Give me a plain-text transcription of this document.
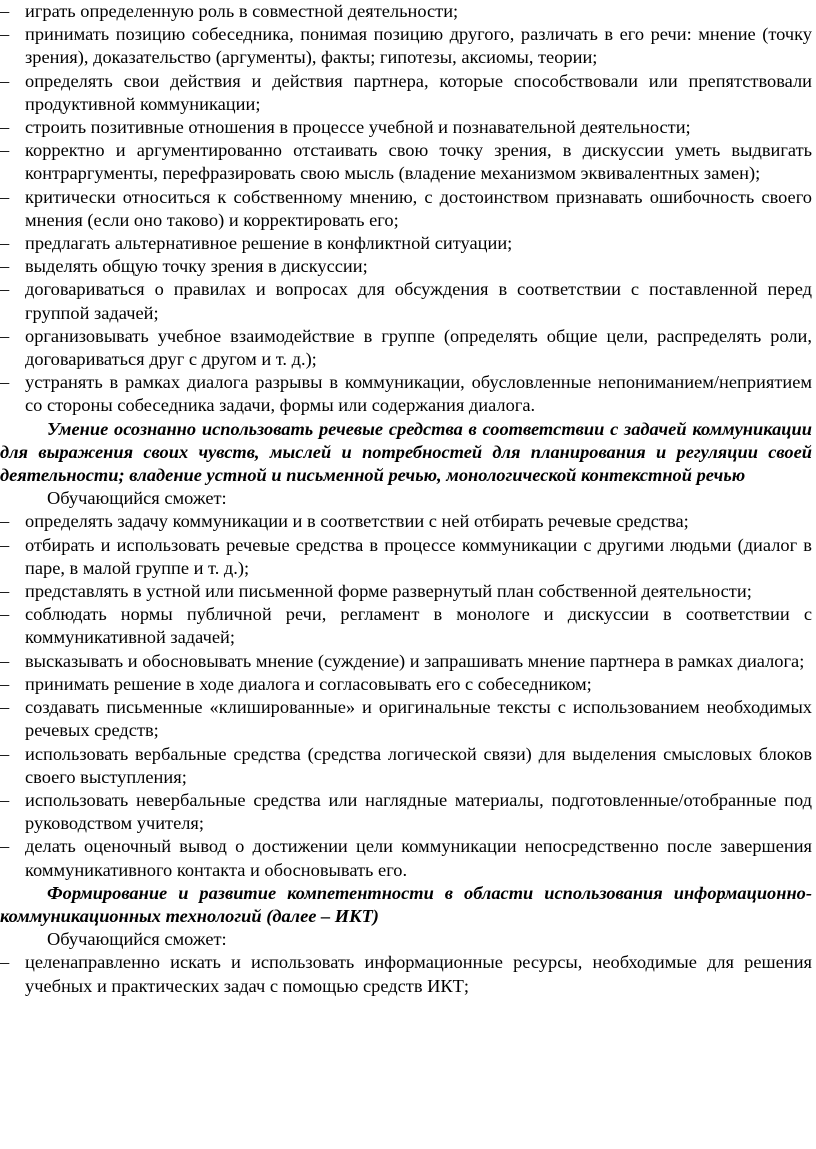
– играть определенную роль в совместной деятельности;
– принимать позицию собеседника, понимая позицию другого, различать в его речи: мнение (точку зрения), доказательство (аргументы), факты; гипотезы, аксиомы, теории;
– определять свои действия и действия партнера, которые способствовали или препятствовали продуктивной коммуникации;
– строить позитивные отношения в процессе учебной и познавательной деятельности;
– корректно и аргументированно отстаивать свою точку зрения, в дискуссии уметь выдвигать контраргументы, перефразировать свою мысль (владение механизмом эквивалентных замен);
– критически относиться к собственному мнению, с достоинством признавать ошибочность своего мнения (если оно таково) и корректировать его;
– предлагать альтернативное решение в конфликтной ситуации;
– выделять общую точку зрения в дискуссии;
– договариваться о правилах и вопросах для обсуждения в соответствии с поставленной перед группой задачей;
– организовывать учебное взаимодействие в группе (определять общие цели, распределять роли, договариваться друг с другом и т. д.);
– устранять в рамках диалога разрывы в коммуникации, обусловленные непониманием/неприятием со стороны собеседника задачи, формы или содержания диалога.

Умение осознанно использовать речевые средства в соответствии с задачей коммуникации для выражения своих чувств, мыслей и потребностей для планирования и регуляции своей деятельности; владение устной и письменной речью, монологической контекстной речью

Обучающийся сможет:

– определять задачу коммуникации и в соответствии с ней отбирать речевые средства;
– отбирать и использовать речевые средства в процессе коммуникации с другими людьми (диалог в паре, в малой группе и т. д.);
– представлять в устной или письменной форме развернутый план собственной деятельности;
– соблюдать нормы публичной речи, регламент в монологе и дискуссии в соответствии с коммуникативной задачей;
– высказывать и обосновывать мнение (суждение) и запрашивать мнение партнера в рамках диалога;
– принимать решение в ходе диалога и согласовывать его с собеседником;
– создавать письменные «клишированные» и оригинальные тексты с использованием необходимых речевых средств;
– использовать вербальные средства (средства логической связи) для выделения смысловых блоков своего выступления;
– использовать невербальные средства или наглядные материалы, подготовленные/отобранные под руководством учителя;
– делать оценочный вывод о достижении цели коммуникации непосредственно после завершения коммуникативного контакта и обосновывать его.

Формирование и развитие компетентности в области использования информационно-коммуникационных технологий (далее – ИКТ)

Обучающийся сможет:

– целенаправленно искать и использовать информационные ресурсы, необходимые для решения учебных и практических задач с помощью средств ИКТ;
